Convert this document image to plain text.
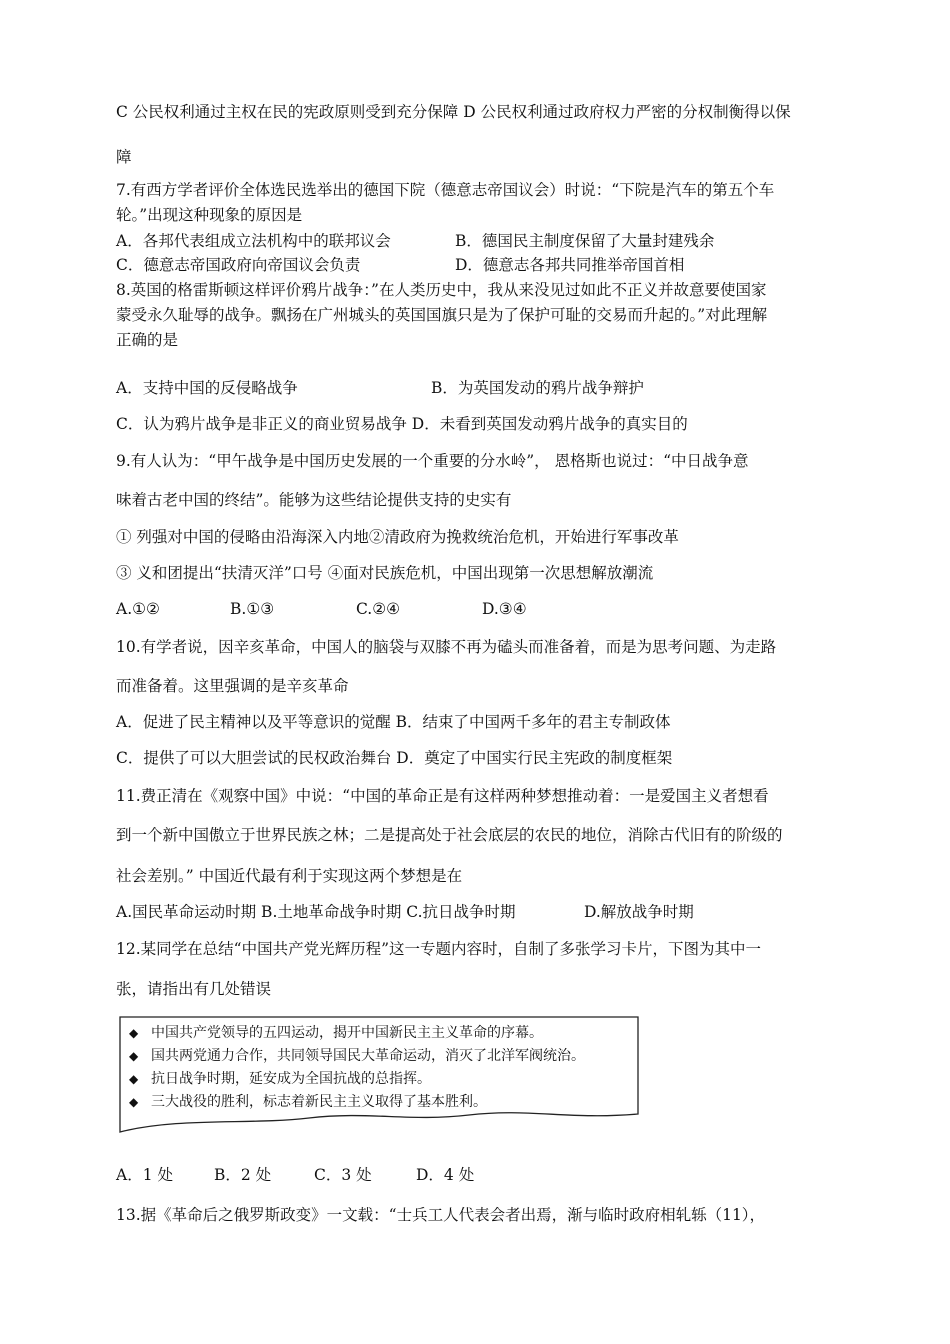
C 公民权利通过主权在民的宪政原则受到充分保障 D 公民权利通过政府权力严密的分权制衡得以保
障
7.有西方学者评价全体选民选举出的德国下院（德意志帝国议会）时说：“下院是汽车的第五个车
轮。”出现这种现象的原因是
A．各邦代表组成立法机构中的联邦议会	B．德国民主制度保留了大量封建残余
C．德意志帝国政府向帝国议会负责	D．德意志各邦共同推举帝国首相
8.英国的格雷斯顿这样评价鸦片战争：”在人类历史中，我从来没见过如此不正义并故意要使国家
蒙受永久耻辱的战争。飘扬在广州城头的英国国旗只是为了保护可耻的交易而升起的。”对此理解
正确的是
A．支持中国的反侵略战争	B．为英国发动的鸦片战争辩护
C．认为鸦片战争是非正义的商业贸易战争 D．未看到英国发动鸦片战争的真实目的
9.有人认为：“甲午战争是中国历史发展的一个重要的分水岭”， 恩格斯也说过：“中日战争意
味着古老中国的终结”。能够为这些结论提供支持的史实有
① 列强对中国的侵略由沿海深入内地②清政府为挽救统治危机，开始进行军事改革
③ 义和团提出“扶清灭洋”口号 ④面对民族危机，中国出现第一次思想解放潮流
A.①②	B.①③	C.②④	D.③④
10.有学者说，因辛亥革命，中国人的脑袋与双膝不再为磕头而准备着，而是为思考问题、为走路
而准备着。这里强调的是辛亥革命
A．促进了民主精神以及平等意识的觉醒 B．结束了中国两千多年的君主专制政体
C．提供了可以大胆尝试的民权政治舞台 D．奠定了中国实行民主宪政的制度框架
11.费正清在《观察中国》中说：“中国的革命正是有这样两种梦想推动着：一是爱国主义者想看
到一个新中国傲立于世界民族之林；二是提高处于社会底层的农民的地位，消除古代旧有的阶级的
社会差别。” 中国近代最有利于实现这两个梦想是在
A.国民革命运动时期 B.土地革命战争时期 C.抗日战争时期	D.解放战争时期
12.某同学在总结“中国共产党光辉历程”这一专题内容时，自制了多张学习卡片，下图为其中一
张，请指出有几处错误
◆ 中国共产党领导的五四运动，揭开中国新民主主义革命的序幕。
◆ 国共两党通力合作，共同领导国民大革命运动，消灭了北洋军阀统治。
◆ 抗日战争时期，延安成为全国抗战的总指挥。
◆ 三大战役的胜利，标志着新民主主义取得了基本胜利。
A．1 处	B．2 处	C．3 处	D．4 处
13.据《革命后之俄罗斯政变》一文载：“士兵工人代表会者出焉，渐与临时政府相轧轹（11），
